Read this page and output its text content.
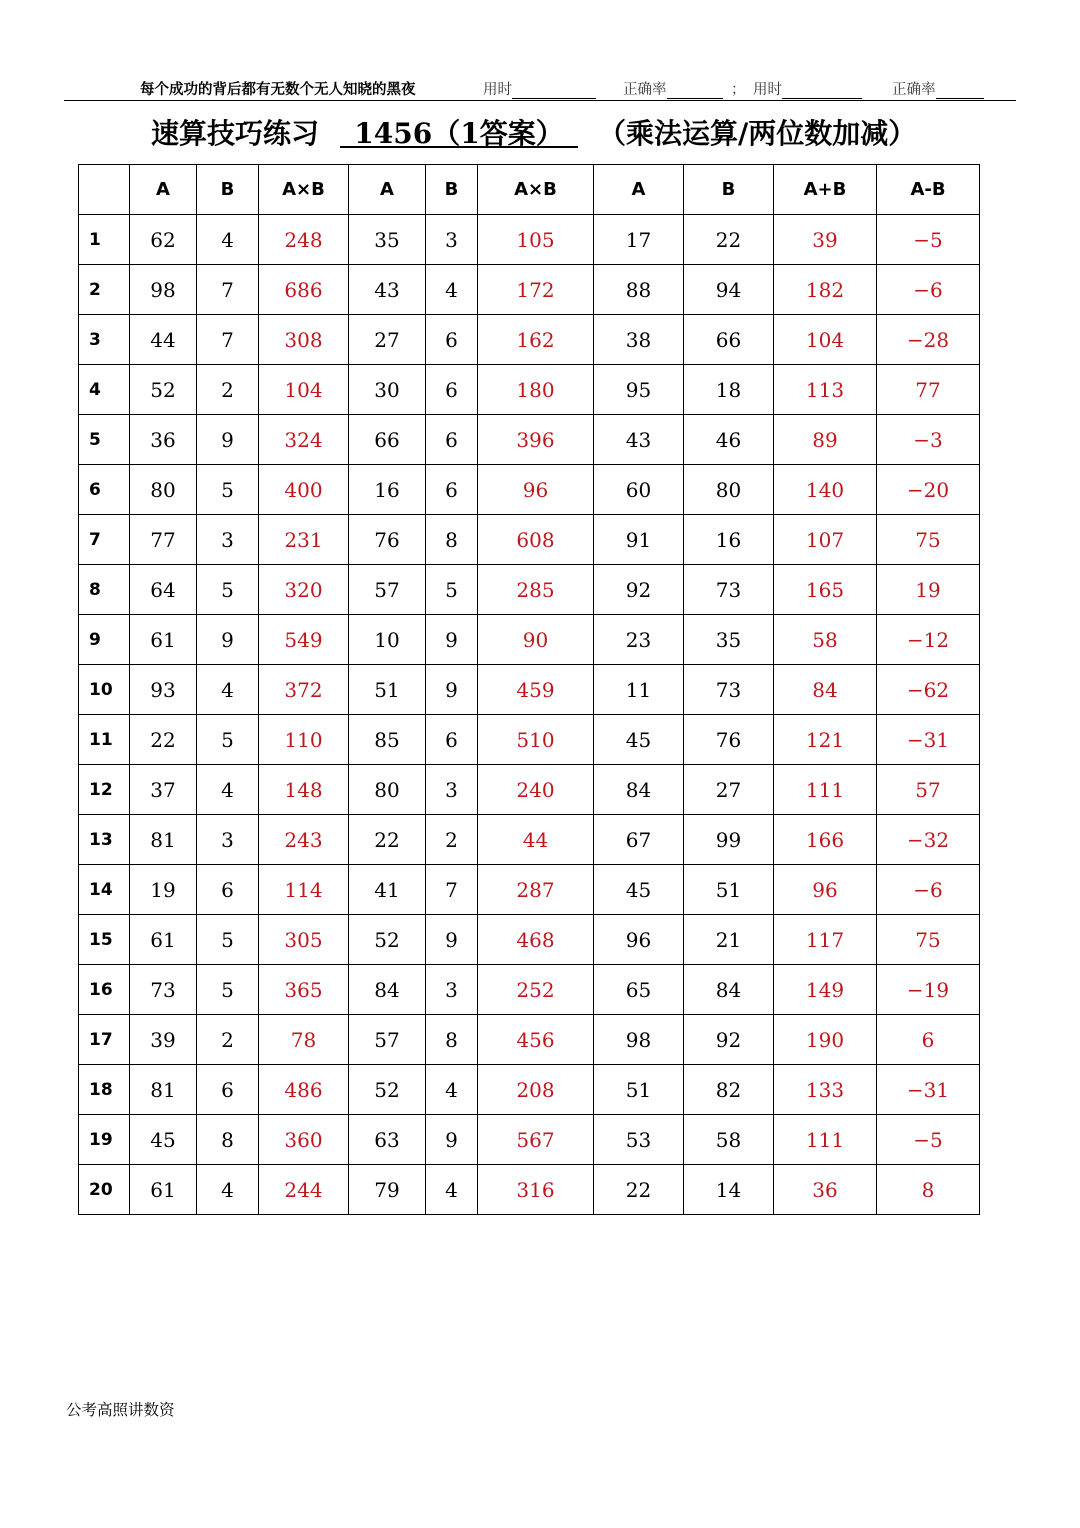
每个成功的背后都有无数个无人知晓的黑夜	用时	正确率	； 用时	正确率
速算技巧练习	1456（1答案）	（乘法运算/两位数加减）
	A	B	A×B	A	B	A×B	A	B	A+B	A-B
1	62	4	248	35	3	105	17	22	39	−5
2	98	7	686	43	4	172	88	94	182	−6
3	44	7	308	27	6	162	38	66	104	−28
4	52	2	104	30	6	180	95	18	113	77
5	36	9	324	66	6	396	43	46	89	−3
6	80	5	400	16	6	96	60	80	140	−20
7	77	3	231	76	8	608	91	16	107	75
8	64	5	320	57	5	285	92	73	165	19
9	61	9	549	10	9	90	23	35	58	−12
10	93	4	372	51	9	459	11	73	84	−62
11	22	5	110	85	6	510	45	76	121	−31
12	37	4	148	80	3	240	84	27	111	57
13	81	3	243	22	2	44	67	99	166	−32
14	19	6	114	41	7	287	45	51	96	−6
15	61	5	305	52	9	468	96	21	117	75
16	73	5	365	84	3	252	65	84	149	−19
17	39	2	78	57	8	456	98	92	190	6
18	81	6	486	52	4	208	51	82	133	−31
19	45	8	360	63	9	567	53	58	111	−5
20	61	4	244	79	4	316	22	14	36	8
公考高照讲数资
